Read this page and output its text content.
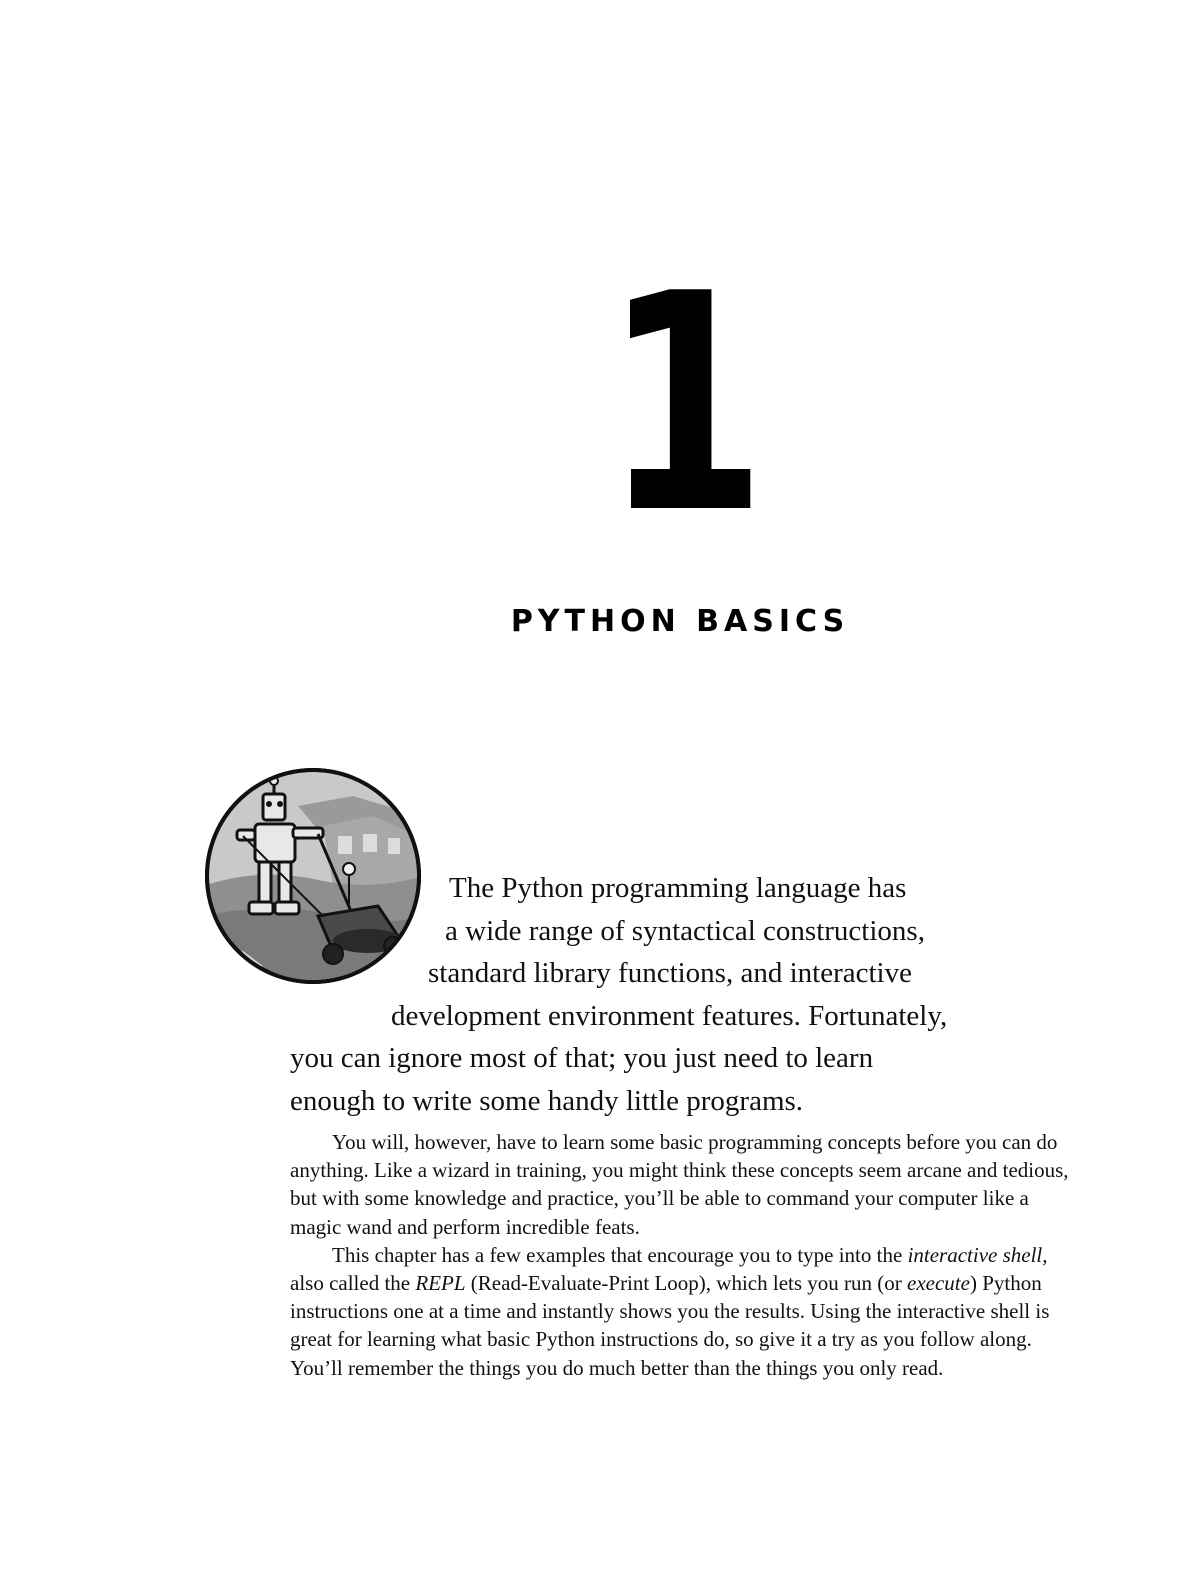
1
PYTHON BASICS
The Python programming language has
a wide range of syntactical constructions,
standard library functions, and interactive
development environment features. Fortunately,
you can ignore most of that; you just need to learn
enough to write some handy little programs.

You will, however, have to learn some basic programming concepts before you can do anything. Like a wizard in training, you might think these concepts seem arcane and tedious, but with some knowledge and practice, you’ll be able to command your computer like a magic wand and perform incredible feats.

This chapter has a few examples that encourage you to type into the interactive shell, also called the REPL (Read-Evaluate-Print Loop), which lets you run (or execute) Python instructions one at a time and instantly shows you the results. Using the interactive shell is great for learning what basic Python instructions do, so give it a try as you follow along. You’ll remember the things you do much better than the things you only read.
